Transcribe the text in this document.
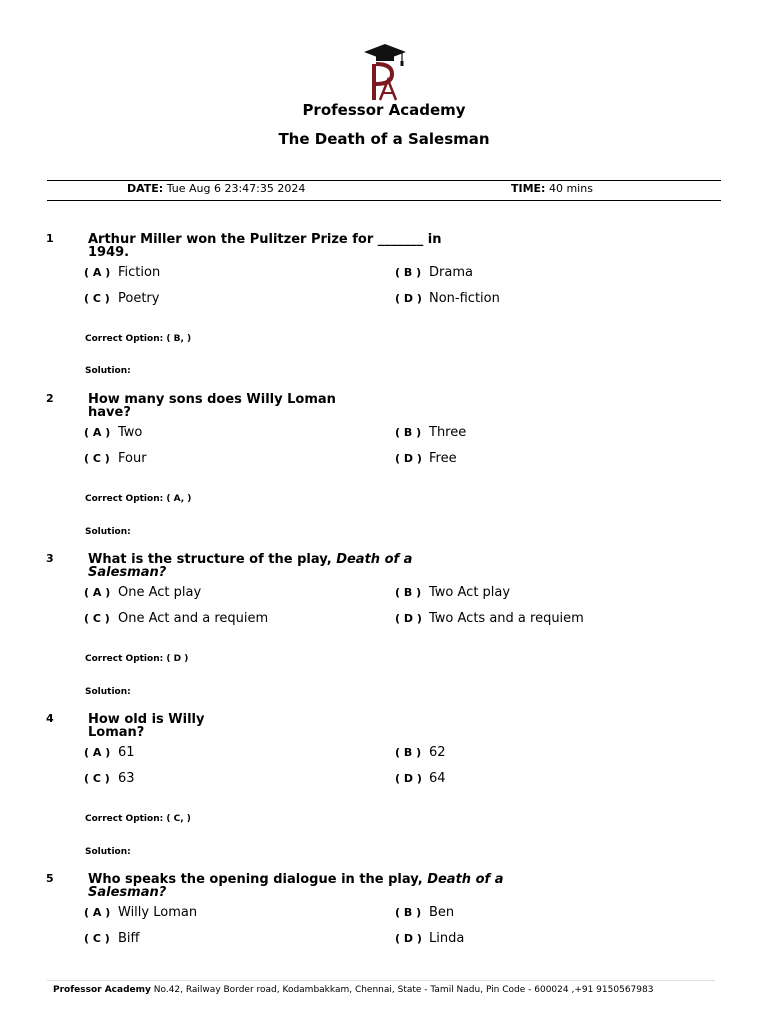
Professor Academy
The Death of a Salesman
DATE: Tue Aug 6 23:47:35 2024	TIME: 40 mins
1	Arthur Miller won the Pulitzer Prize for _______ in
1949.
( A ) Fiction	( B ) Drama
( C ) Poetry	( D ) Non-fiction
Correct Option: ( B, )
Solution:
2	How many sons does Willy Loman
have?
( A ) Two	( B ) Three
( C ) Four	( D ) Free
Correct Option: ( A, )
Solution:
3	What is the structure of the play, Death of a
Salesman?
( A ) One Act play	( B ) Two Act play
( C ) One Act and a requiem	( D ) Two Acts and a requiem
Correct Option: ( D )
Solution:
4	How old is Willy
Loman?
( A ) 61	( B ) 62
( C ) 63	( D ) 64
Correct Option: ( C, )
Solution:
5	Who speaks the opening dialogue in the play, Death of a
Salesman?
( A ) Willy Loman	( B ) Ben
( C ) Biff	( D ) Linda
Professor Academy No.42, Railway Border road, Kodambakkam, Chennai, State - Tamil Nadu, Pin Code - 600024 ,+91 9150567983
